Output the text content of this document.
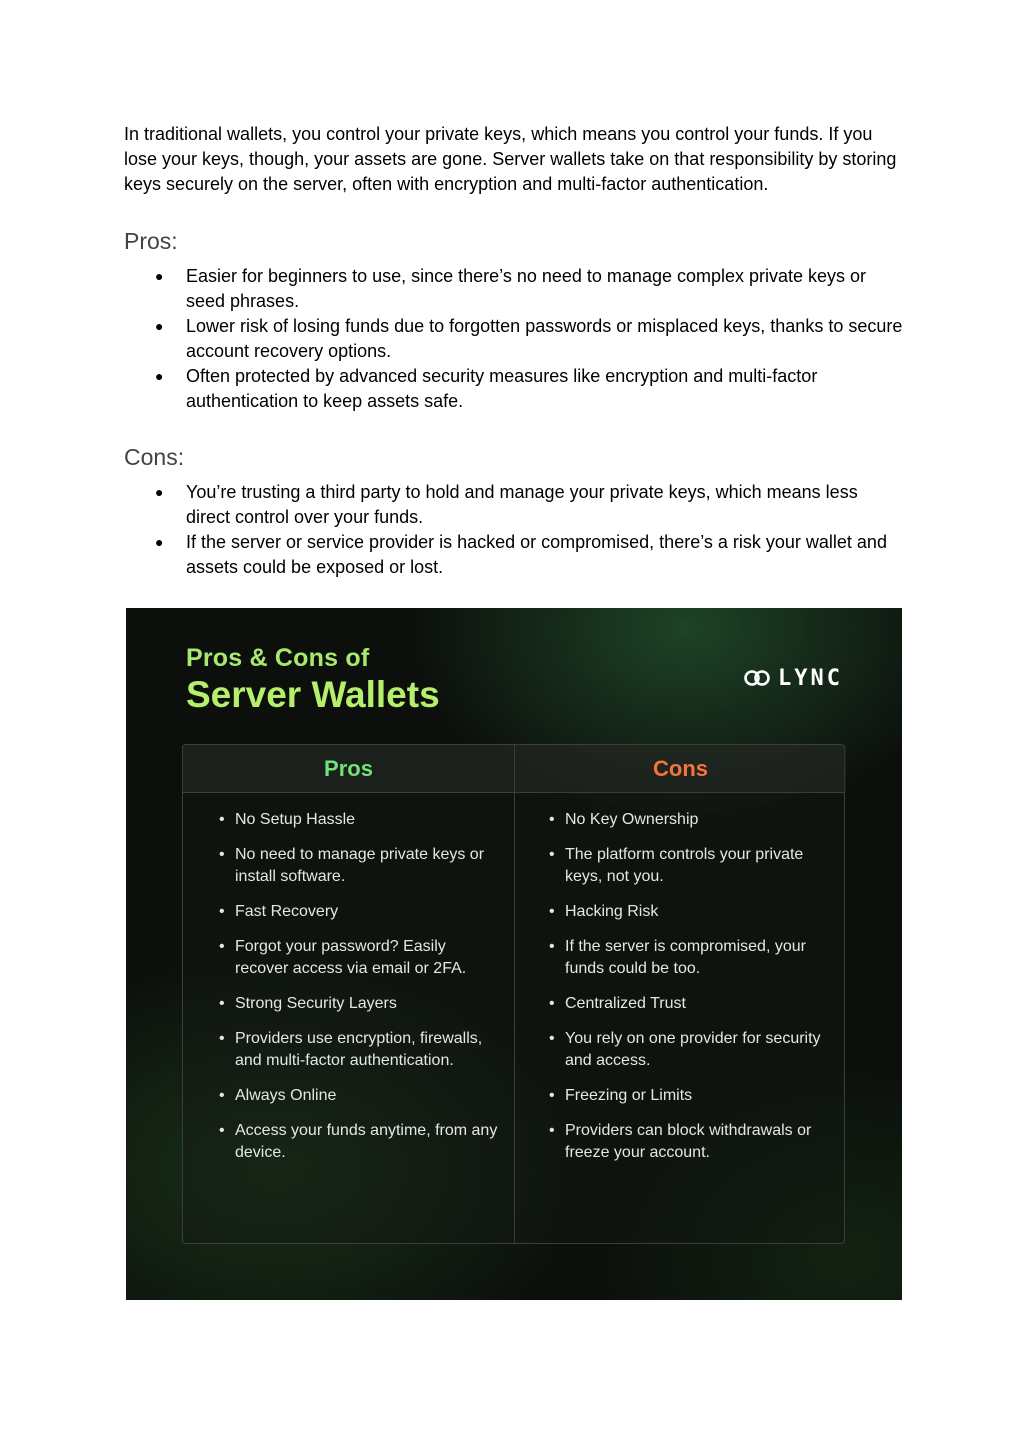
In traditional wallets, you control your private keys, which means you control your funds. If you lose your keys, though, your assets are gone. Server wallets take on that responsibility by storing keys securely on the server, often with encryption and multi-factor authentication.

Pros:
● Easier for beginners to use, since there’s no need to manage complex private keys or seed phrases.
● Lower risk of losing funds due to forgotten passwords or misplaced keys, thanks to secure account recovery options.
● Often protected by advanced security measures like encryption and multi-factor authentication to keep assets safe.
Cons:
● You’re trusting a third party to hold and manage your private keys, which means less direct control over your funds.
● If the server or service provider is hacked or compromised, there’s a risk your wallet and assets could be exposed or lost.
Pros & Cons of
Server Wallets	LYNC
Pros	Cons
• No Setup Hassle
• No need to manage private keys or install software.
• Fast Recovery
• Forgot your password? Easily recover access via email or 2FA.
• Strong Security Layers
• Providers use encryption, firewalls, and multi-factor authentication.
• Always Online
• Access your funds anytime, from any device.
• No Key Ownership
• The platform controls your private keys, not you.
• Hacking Risk
• If the server is compromised, your funds could be too.
• Centralized Trust
• You rely on one provider for security and access.
• Freezing or Limits
• Providers can block withdrawals or freeze your account.
